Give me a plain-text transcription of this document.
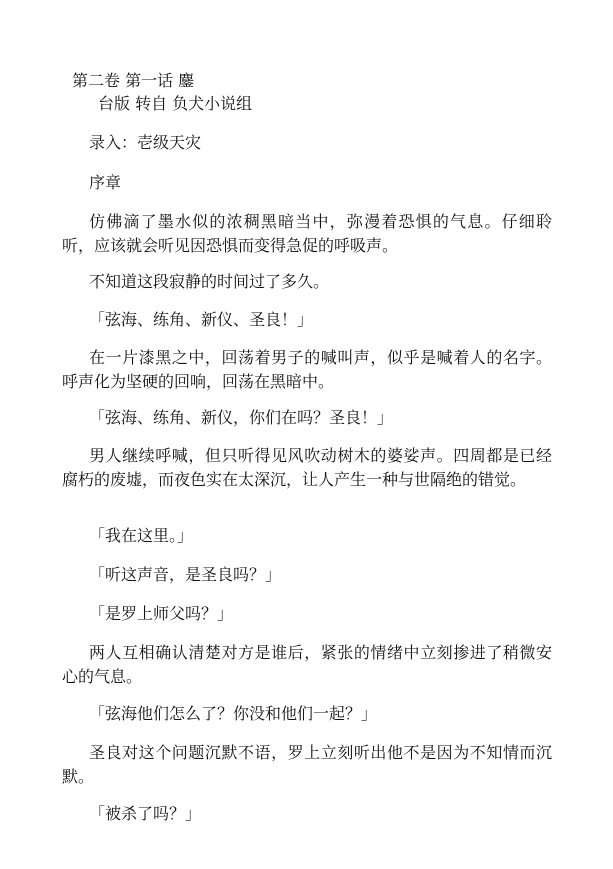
第二卷 第一话 鏖

台版 转自 负犬小说组

录入：壱级天灾

序章

仿佛滴了墨水似的浓稠黑暗当中，弥漫着恐惧的气息。仔细聆听，应该就会听见因恐惧而变得急促的呼吸声。

不知道这段寂静的时间过了多久。

「弦海、练角、新仪、圣良！」

在一片漆黑之中，回荡着男子的喊叫声，似乎是喊着人的名字。呼声化为坚硬的回响，回荡在黑暗中。

「弦海、练角、新仪，你们在吗？圣良！」

男人继续呼喊，但只听得见风吹动树木的婆娑声。四周都是已经腐朽的废墟，而夜色实在太深沉，让人产生一种与世隔绝的错觉。

「我在这里。」

「听这声音，是圣良吗？」

「是罗上师父吗？」

两人互相确认清楚对方是谁后，紧张的情绪中立刻掺进了稍微安心的气息。

「弦海他们怎么了？你没和他们一起？」

圣良对这个问题沉默不语，罗上立刻听出他不是因为不知情而沉默。

「被杀了吗？」
